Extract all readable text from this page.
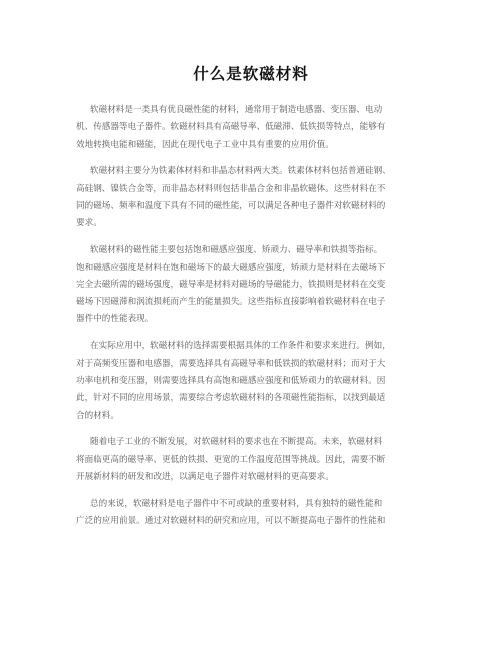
什么是软磁材料

软磁材料是一类具有优良磁性能的材料，通常用于制造电感器、变压器、电动
机、传感器等电子器件。软磁材料具有高磁导率、低磁滞、低铁损等特点，能够有
效地转换电能和磁能，因此在现代电子工业中具有重要的应用价值。

软磁材料主要分为铁素体材料和非晶态材料两大类。铁素体材料包括普通硅钢、
高硅钢、镍铁合金等，而非晶态材料则包括非晶合金和非晶软磁体。这些材料在不
同的磁场、频率和温度下具有不同的磁性能，可以满足各种电子器件对软磁材料的
要求。

软磁材料的磁性能主要包括饱和磁感应强度、矫顽力、磁导率和铁损等指标。
饱和磁感应强度是材料在饱和磁场下的最大磁感应强度，矫顽力是材料在去磁场下
完全去磁所需的磁场强度，磁导率是材料对磁场的导磁能力，铁损则是材料在交变
磁场下因磁滞和涡流损耗而产生的能量损失。这些指标直接影响着软磁材料在电子
器件中的性能表现。

在实际应用中，软磁材料的选择需要根据具体的工作条件和要求来进行。例如，
对于高频变压器和电感器，需要选择具有高磁导率和低铁损的软磁材料；而对于大
功率电机和变压器，则需要选择具有高饱和磁感应强度和低矫顽力的软磁材料。因
此，针对不同的应用场景，需要综合考虑软磁材料的各项磁性能指标，以找到最适
合的材料。

随着电子工业的不断发展，对软磁材料的要求也在不断提高。未来，软磁材料
将面临更高的磁导率、更低的铁损、更宽的工作温度范围等挑战。因此，需要不断
开展新材料的研发和改进，以满足电子器件对软磁材料的更高要求。

总的来说，软磁材料是电子器件中不可或缺的重要材料，具有独特的磁性能和
广泛的应用前景。通过对软磁材料的研究和应用，可以不断提高电子器件的性能和
